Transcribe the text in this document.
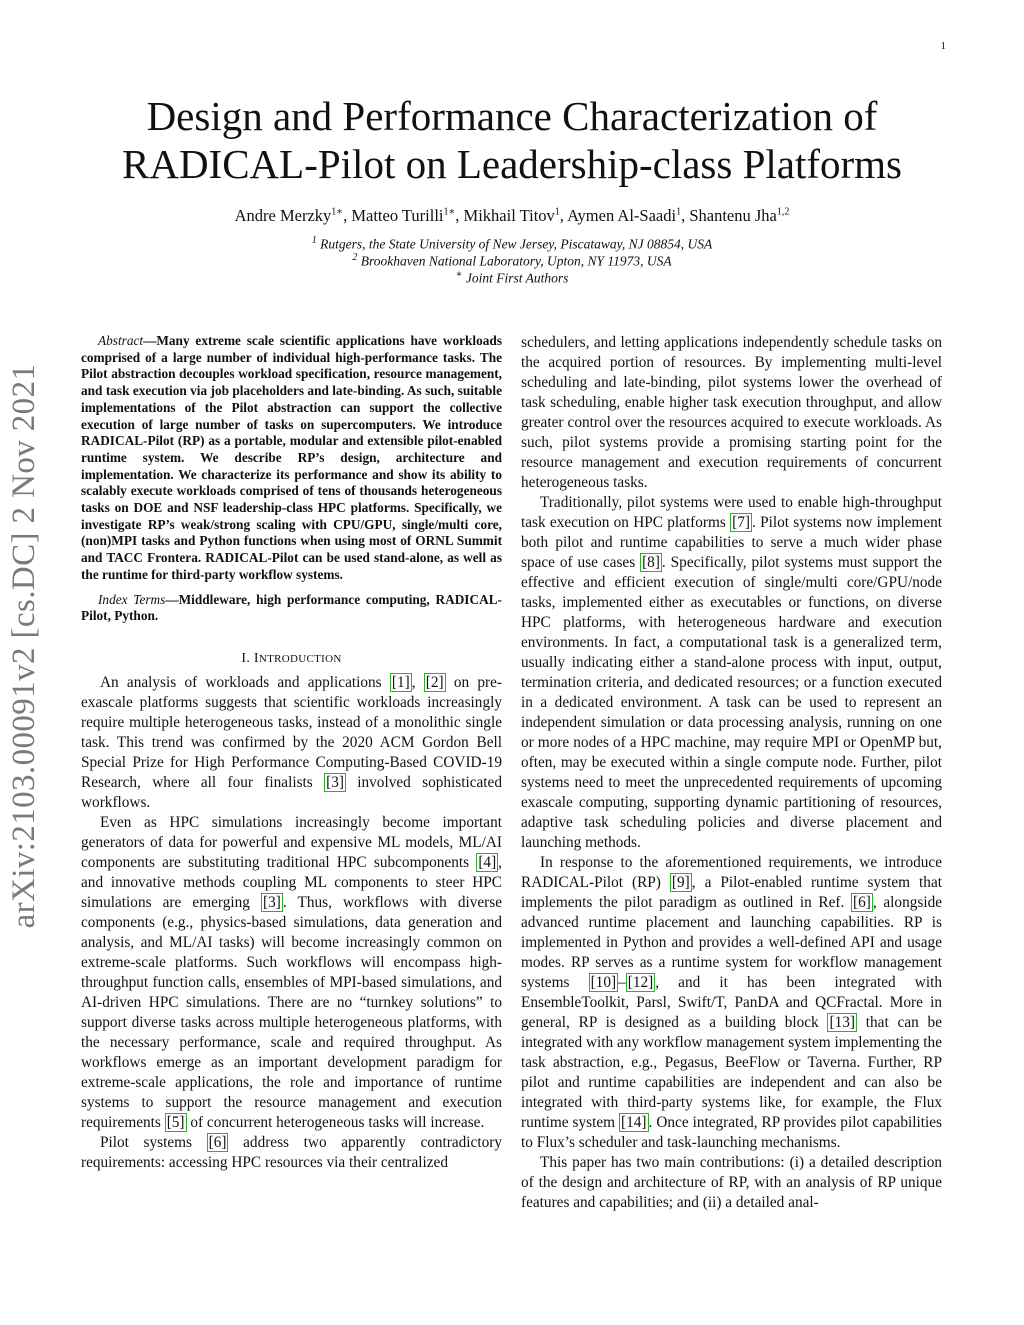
1
arXiv:2103.00091v2 [cs.DC] 2 Nov 2021
Design and Performance Characterization of
RADICAL-Pilot on Leadership-class Platforms
Andre Merzky$^{1∗}$, Matteo Turilli$^{1∗}$, Mikhail Titov$^1$, Aymen Al-Saadi$^1$, Shantenu Jha$^{1,2}$
$^1$ Rutgers, the State University of New Jersey, Piscataway, NJ 08854, USA
$^2$ Brookhaven National Laboratory, Upton, NY 11973, USA
∗ Joint First Authors

Abstract—Many extreme scale scientific applications have workloads comprised of a large number of individual high-performance tasks. The Pilot abstraction decouples workload specification, resource management, and task execution via job placeholders and late-binding. As such, suitable implementations of the Pilot abstraction can support the collective execution of large number of tasks on supercomputers. We introduce RADICAL-Pilot (RP) as a portable, modular and extensible pilot-enabled runtime system. We describe RP’s design, architecture and implementation. We characterize its performance and show its ability to scalably execute workloads comprised of tens of thousands heterogeneous tasks on DOE and NSF leadership-class HPC platforms. Specifically, we investigate RP’s weak/strong scaling with CPU/GPU, single/multi core, (non)MPI tasks and Python functions when using most of ORNL Summit and TACC Frontera. RADICAL-Pilot can be used stand-alone, as well as the runtime for third-party workflow systems.

Index Terms—Middleware, high performance computing, RADICAL-Pilot, Python.

I. INTRODUCTION

An analysis of workloads and applications [1] , [2] on pre-exascale platforms suggests that scientific workloads increasingly require multiple heterogeneous tasks, instead of a monolithic single task. This trend was confirmed by the 2020 ACM Gordon Bell Special Prize for High Performance Computing-Based COVID-19 Research, where all four finalists [3] involved sophisticated workflows.

Even as HPC simulations increasingly become important generators of data for powerful and expensive ML models, ML/AI components are substituting traditional HPC subcomponents [4] , and innovative methods coupling ML components to steer HPC simulations are emerging [3] . Thus, workflows with diverse components (e.g., physics-based simulations, data generation and analysis, and ML/AI tasks) will become increasingly common on extreme-scale platforms. Such workflows will encompass high-throughput function calls, ensembles of MPI-based simulations, and AI-driven HPC simulations. There are no “turnkey solutions” to support diverse tasks across multiple heterogeneous platforms, with the necessary performance, scale and required throughput. As workflows emerge as an important development paradigm for extreme-scale applications, the role and importance of runtime systems to support the resource management and execution requirements [5] of concurrent heterogeneous tasks will increase.

Pilot systems [6] address two apparently contradictory requirements: accessing HPC resources via their centralized

schedulers, and letting applications independently schedule tasks on the acquired portion of resources. By implementing multi-level scheduling and late-binding, pilot systems lower the overhead of task scheduling, enable higher task execution throughput, and allow greater control over the resources acquired to execute workloads. As such, pilot systems provide a promising starting point for the resource management and execution requirements of concurrent heterogeneous tasks.

Traditionally, pilot systems were used to enable high-throughput task execution on HPC platforms [7] . Pilot systems now implement both pilot and runtime capabilities to serve a much wider phase space of use cases [8] . Specifically, pilot systems must support the effective and efficient execution of single/multi core/GPU/node tasks, implemented either as executables or functions, on diverse HPC platforms, with heterogeneous hardware and execution environments. In fact, a computational task is a generalized term, usually indicating either a stand-alone process with input, output, termination criteria, and dedicated resources; or a function executed in a dedicated environment. A task can be used to represent an independent simulation or data processing analysis, running on one or more nodes of a HPC machine, may require MPI or OpenMP but, often, may be executed within a single compute node. Further, pilot systems need to meet the unprecedented requirements of upcoming exascale computing, supporting dynamic partitioning of resources, adaptive task scheduling policies and diverse placement and launching methods.

In response to the aforementioned requirements, we introduce RADICAL-Pilot (RP) [9] , a Pilot-enabled runtime system that implements the pilot paradigm as outlined in Ref. [6] , alongside advanced runtime placement and launching capabilities. RP is implemented in Python and provides a well-defined API and usage modes. RP serves as a runtime system for workflow management systems [10] – [12] , and it has been integrated with EnsembleToolkit, Parsl, Swift/T, PanDA and QCFractal. More in general, RP is designed as a building block [13] that can be integrated with any workflow management system implementing the task abstraction, e.g., Pegasus, BeeFlow or Taverna. Further, RP pilot and runtime capabilities are independent and can also be integrated with third-party systems like, for example, the Flux runtime system [14] . Once integrated, RP provides pilot capabilities to Flux’s scheduler and task-launching mechanisms.

This paper has two main contributions: (i) a detailed description of the design and architecture of RP, with an analysis of RP unique features and capabilities; and (ii) a detailed anal-
